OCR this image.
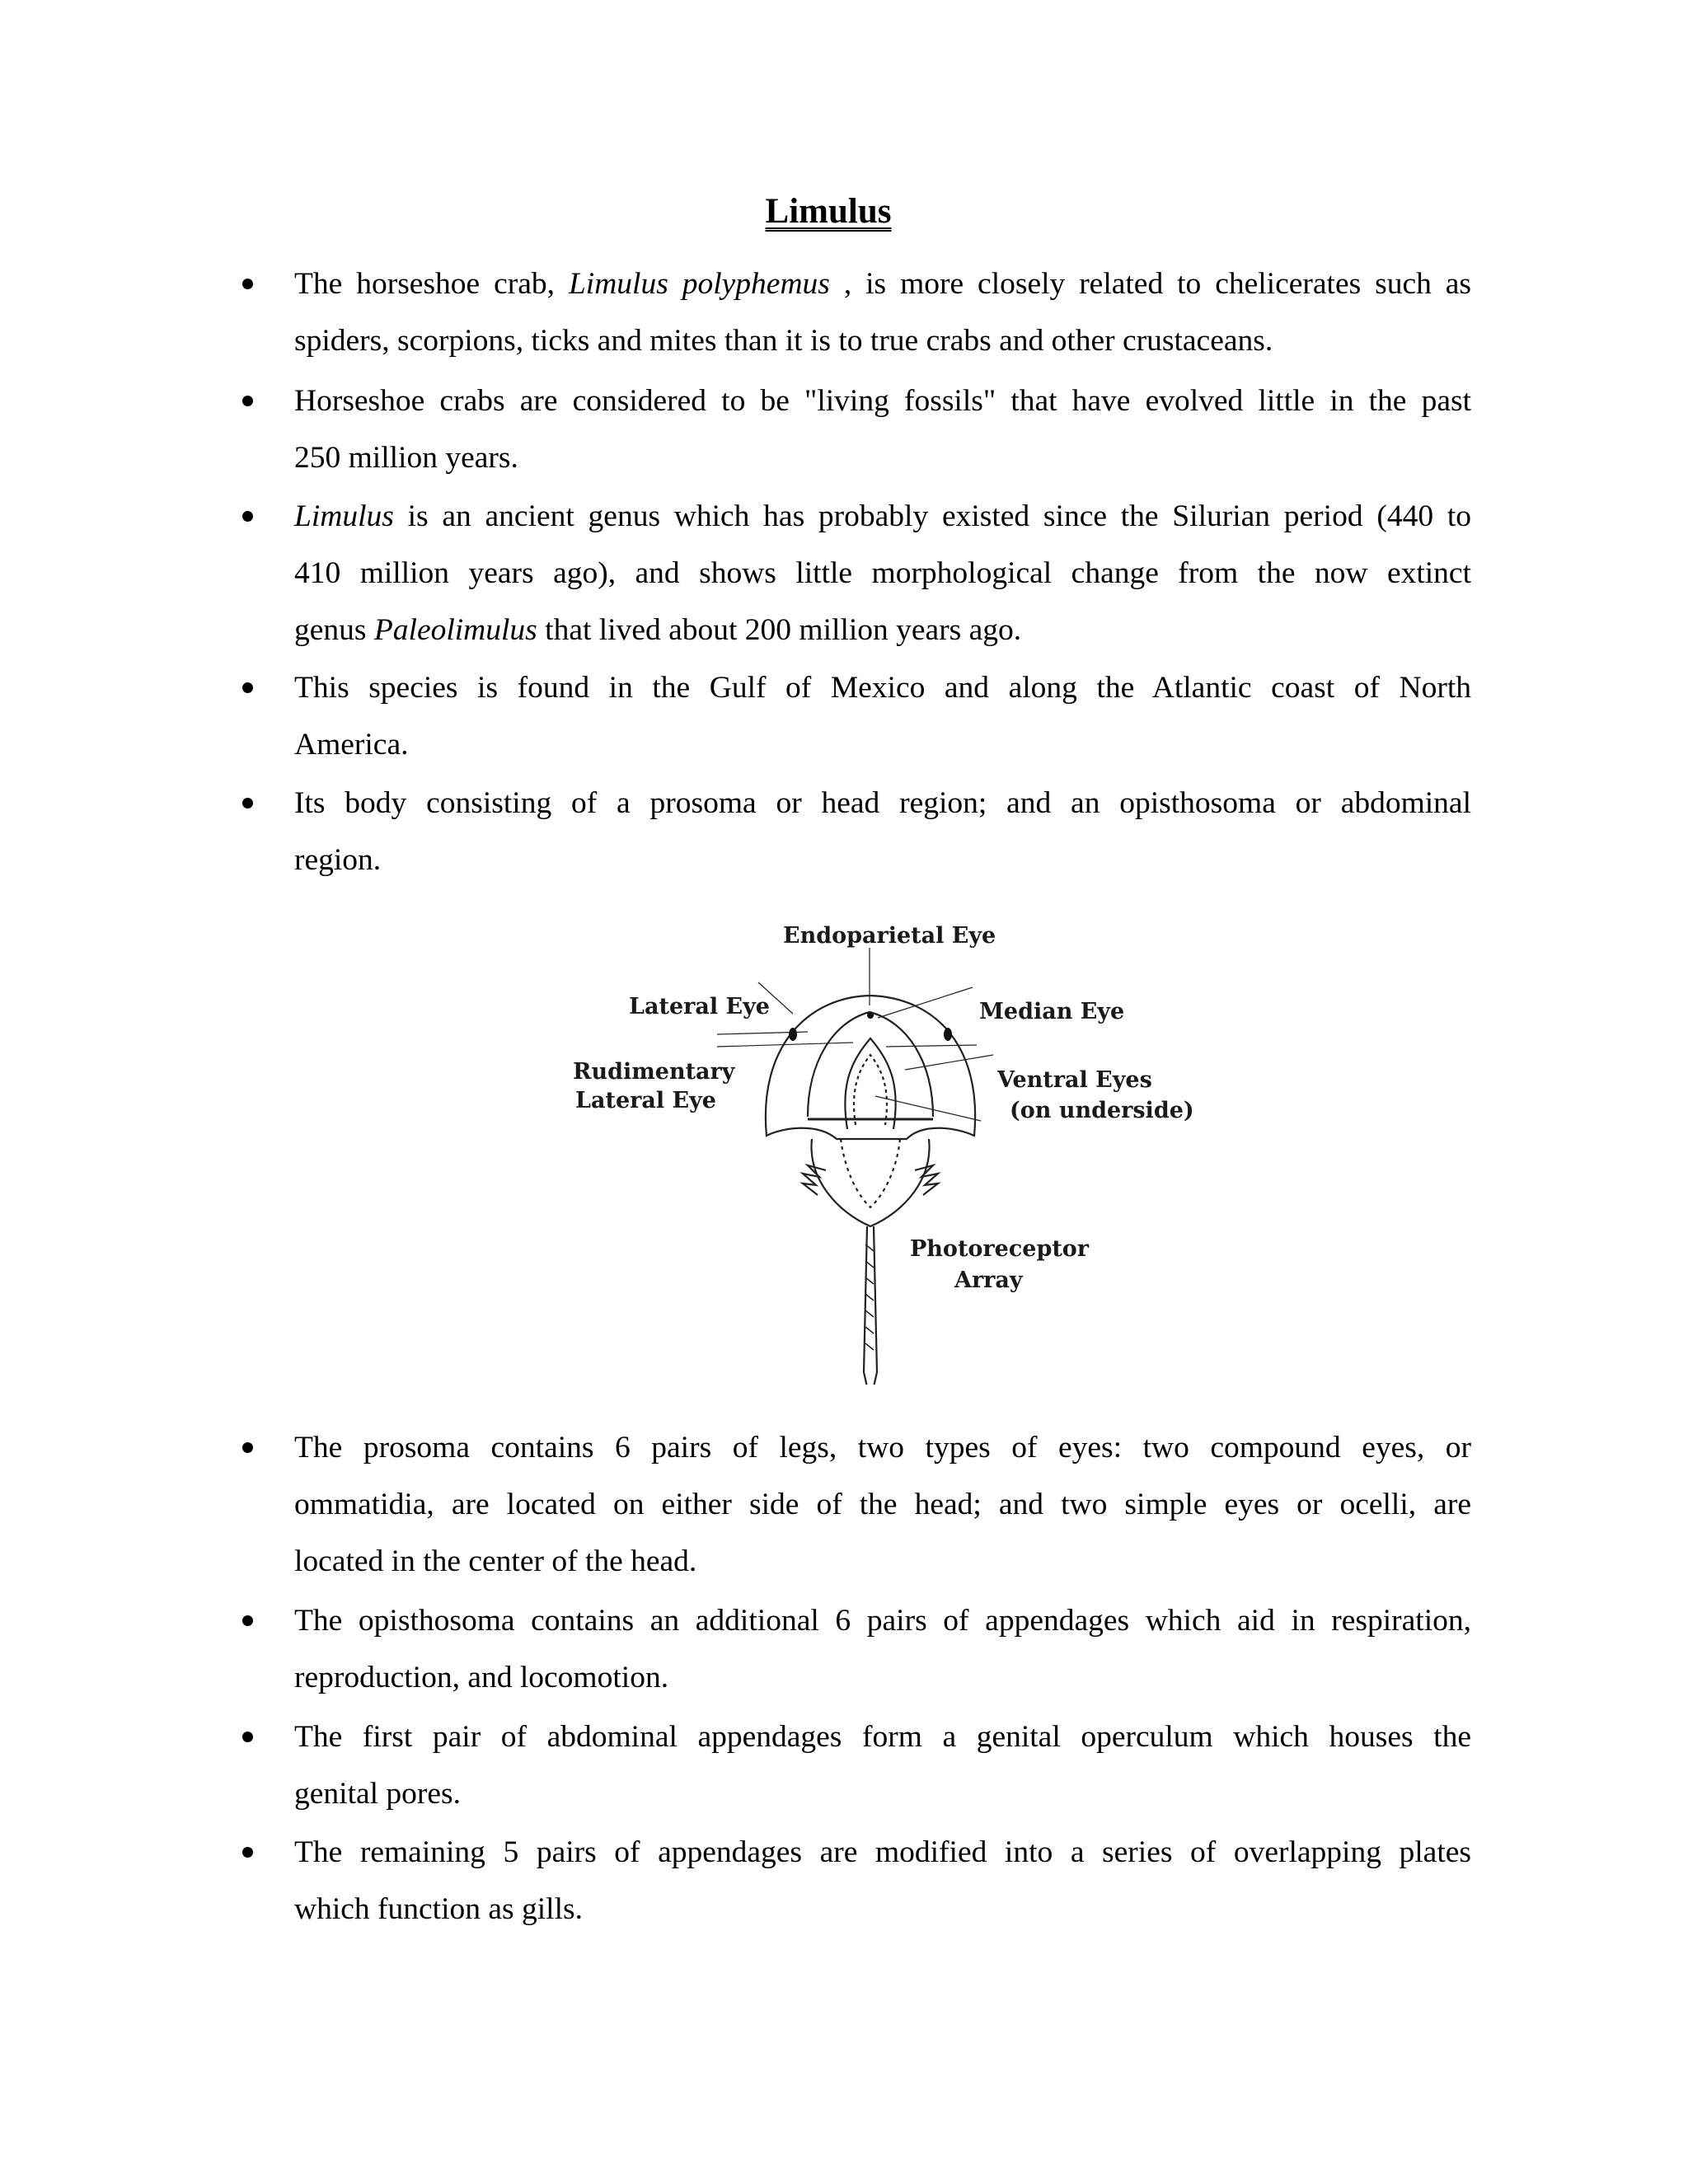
Limulus
The horseshoe crab, Limulus polyphemus , is more closely related to chelicerates such as
spiders, scorpions, ticks and mites than it is to true crabs and other crustaceans.
Horseshoe crabs are considered to be "living fossils" that have evolved little in the past
250 million years.
Limulus is an ancient genus which has probably existed since the Silurian period (440 to
410 million years ago), and shows little morphological change from the now extinct
genus Paleolimulus that lived about 200 million years ago.
This species is found in the Gulf of Mexico and along the Atlantic coast of North
America.
Its body consisting of a prosoma or head region; and an opisthosoma or abdominal
region.
Endoparietal Eye
Lateral Eye	Median Eye
Rudimentary
Lateral Eye
Ventral Eyes
(on underside)
Photoreceptor
Array
The prosoma contains 6 pairs of legs, two types of eyes: two compound eyes, or
ommatidia, are located on either side of the head; and two simple eyes or ocelli, are
located in the center of the head.
The opisthosoma contains an additional 6 pairs of appendages which aid in respiration,
reproduction, and locomotion.
The first pair of abdominal appendages form a genital operculum which houses the
genital pores.
The remaining 5 pairs of appendages are modified into a series of overlapping plates
which function as gills.
